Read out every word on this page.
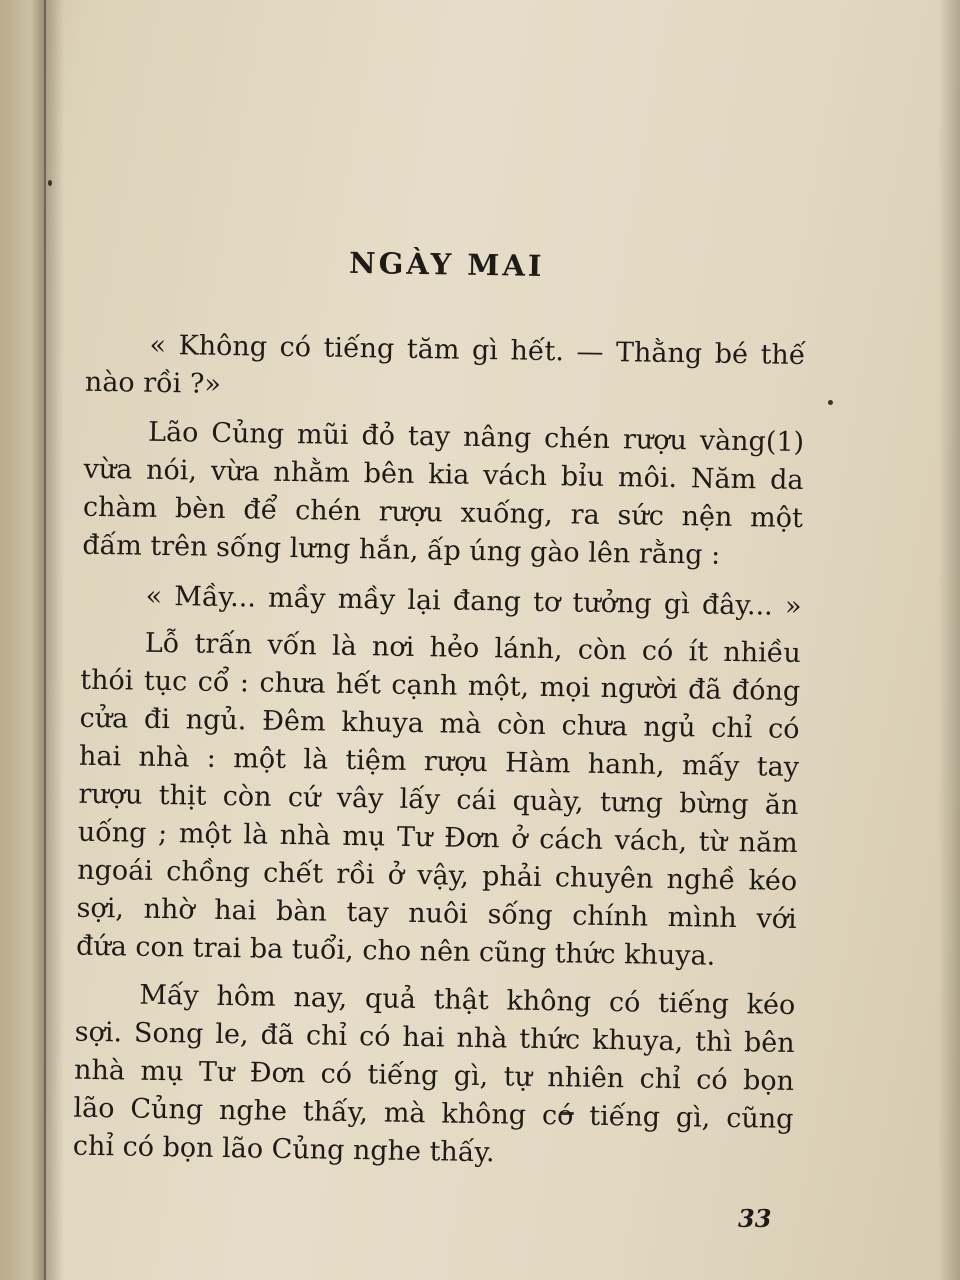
NGÀY MAI
« Không có tiếng tăm gì hết. — Thằng bé thế
nào rồi ?»
Lão Củng mũi đỏ tay nâng chén rượu vàng(1)
vừa nói, vừa nhằm bên kia vách bỉu môi. Năm da
chàm bèn để chén rượu xuống, ra sức nện một
đấm trên sống lưng hắn, ấp úng gào lên rằng :
« Mầy... mầy mầy lại đang tơ tưởng gì đây... »
Lỗ trấn vốn là nơi hẻo lánh, còn có ít nhiều
thói tục cổ : chưa hết cạnh một, mọi người đã đóng
cửa đi ngủ. Đêm khuya mà còn chưa ngủ chỉ có
hai nhà : một là tiệm rượu Hàm hanh, mấy tay
rượu thịt còn cứ vây lấy cái quày, tưng bừng ăn
uống ; một là nhà mụ Tư Đơn ở cách vách, từ năm
ngoái chồng chết rồi ở vậy, phải chuyên nghề kéo
sợi, nhờ hai bàn tay nuôi sống chính mình với
đứa con trai ba tuổi, cho nên cũng thức khuya.
Mấy hôm nay, quả thật không có tiếng kéo
sợi. Song le, đã chỉ có hai nhà thức khuya, thì bên
nhà mụ Tư Đơn có tiếng gì, tự nhiên chỉ có bọn
lão Củng nghe thấy, mà không có tiếng gì, cũng
chỉ có bọn lão Củng nghe thấy.
33
